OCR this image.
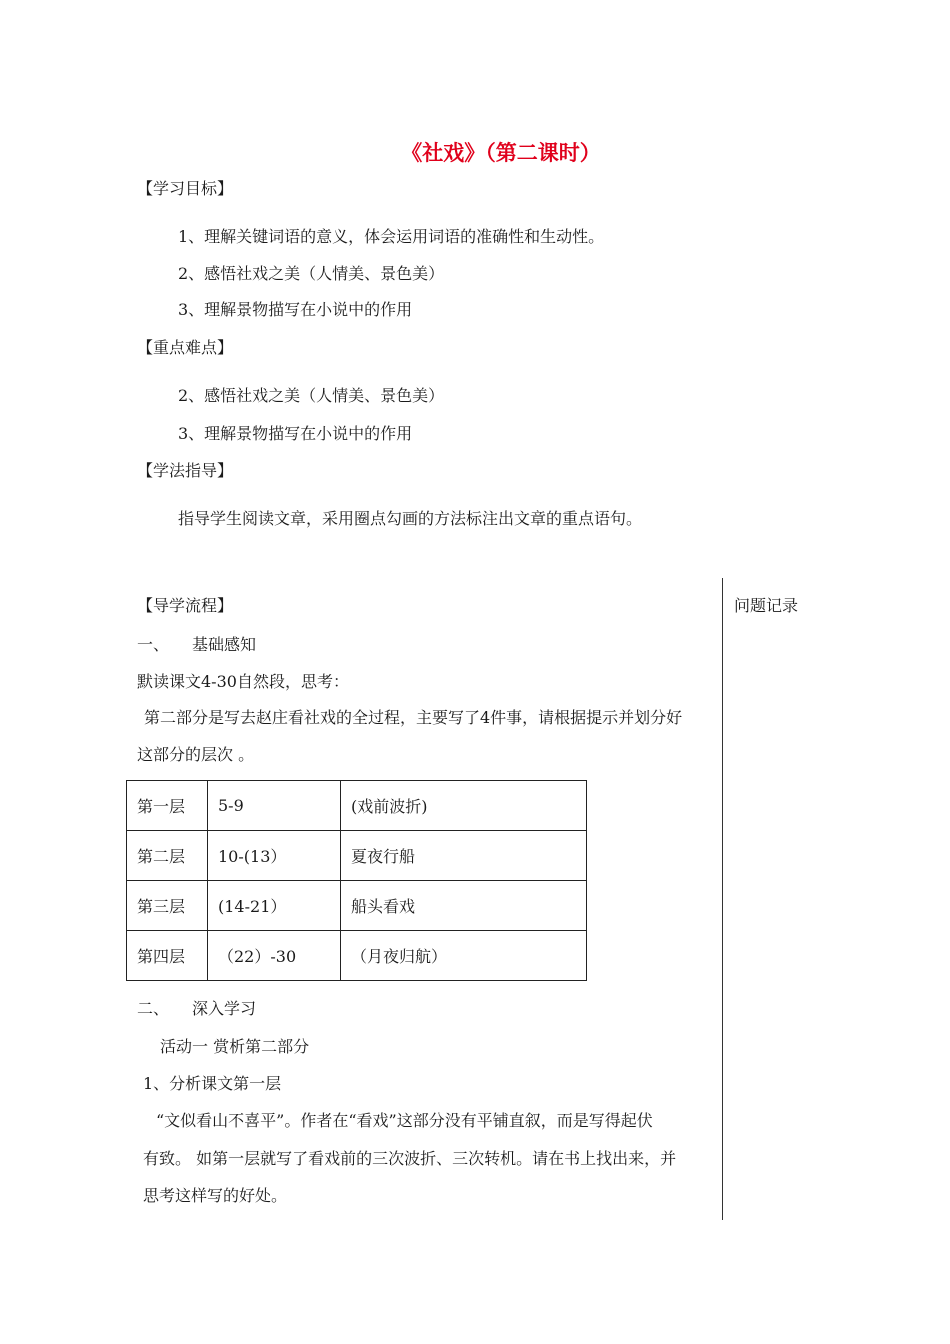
《社戏》（第二课时）
【学习目标】
1、理解关键词语的意义，体会运用词语的准确性和生动性。
2、感悟社戏之美（人情美、景色美）
3、理解景物描写在小说中的作用
【重点难点】
2、感悟社戏之美（人情美、景色美）
3、理解景物描写在小说中的作用
【学法指导】
指导学生阅读文章，采用圈点勾画的方法标注出文章的重点语句。
问题记录
【导学流程】
一、 基础感知
默读课文4-30自然段，思考：
第二部分是写去赵庄看社戏的全过程，主要写了4件事，请根据提示并划分好
这部分的层次 。
第一层	5-9	(戏前波折)
第二层	10-(13）	夏夜行船
第三层	(14-21）	船头看戏
第四层	（22）-30	（月夜归航）
二、 深入学习
活动一 赏析第二部分
1、分析课文第一层
“文似看山不喜平”。作者在“看戏”这部分没有平铺直叙，而是写得起伏
有致。 如第一层就写了看戏前的三次波折、三次转机。请在书上找出来，并
思考这样写的好处。
